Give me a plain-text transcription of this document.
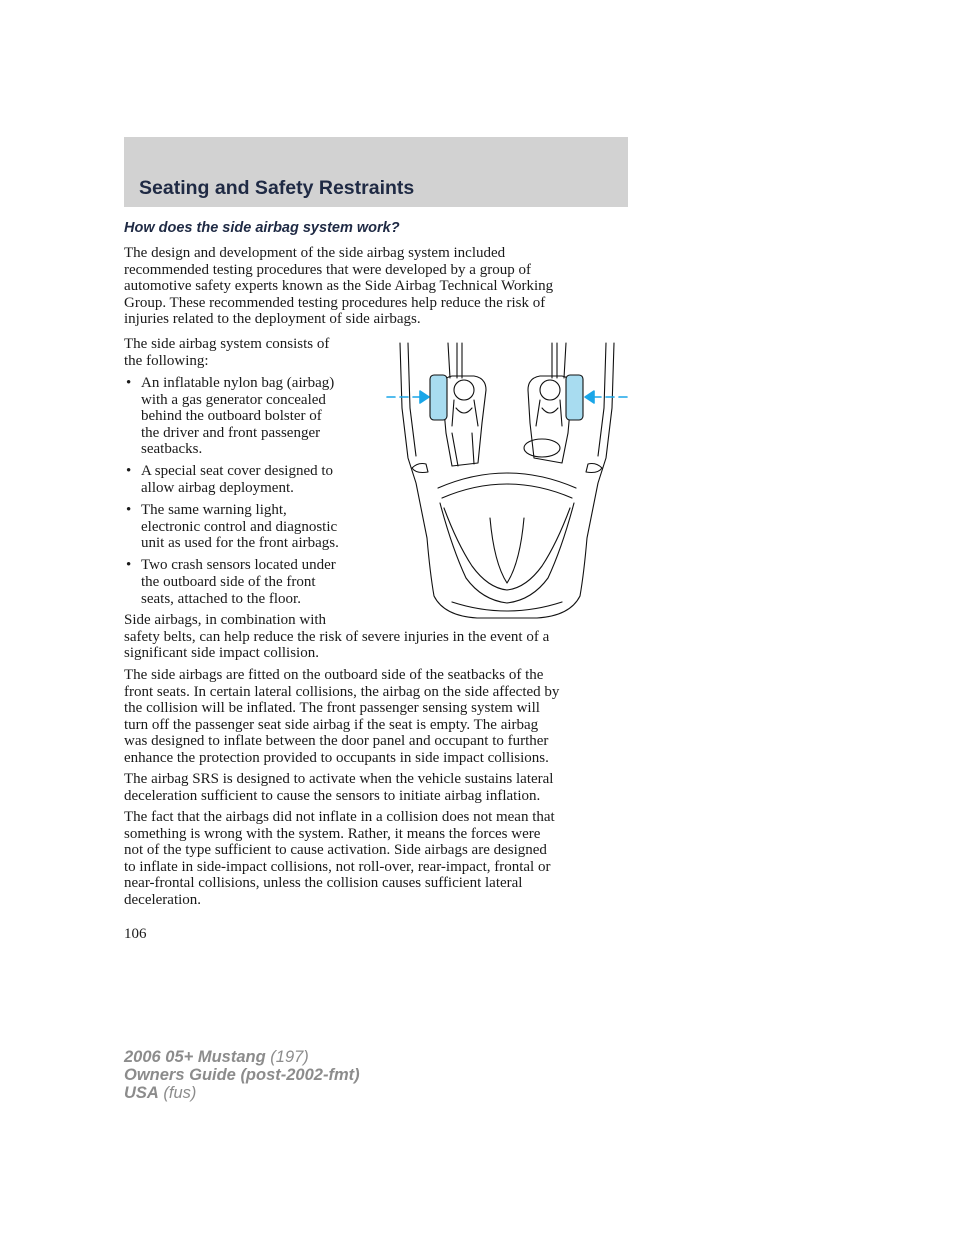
Seating and Safety Restraints
How does the side airbag system work?

The design and development of the side airbag system included
recommended testing procedures that were developed by a group of
automotive safety experts known as the Side Airbag Technical Working
Group. These recommended testing procedures help reduce the risk of
injuries related to the deployment of side airbags.

The side airbag system consists of
the following:

• An inflatable nylon bag (airbag)
with a gas generator concealed
behind the outboard bolster of
the driver and front passenger
seatbacks.
• A special seat cover designed to
allow airbag deployment.
• The same warning light,
electronic control and diagnostic
unit as used for the front airbags.
• Two crash sensors located under
the outboard side of the front
seats, attached to the floor.

Side airbags, in combination with
safety belts, can help reduce the risk of severe injuries in the event of a
significant side impact collision.

The side airbags are fitted on the outboard side of the seatbacks of the
front seats. In certain lateral collisions, the airbag on the side affected by
the collision will be inflated. The front passenger sensing system will
turn off the passenger seat side airbag if the seat is empty. The airbag
was designed to inflate between the door panel and occupant to further
enhance the protection provided to occupants in side impact collisions.

The airbag SRS is designed to activate when the vehicle sustains lateral
deceleration sufficient to cause the sensors to initiate airbag inflation.

The fact that the airbags did not inflate in a collision does not mean that
something is wrong with the system. Rather, it means the forces were
not of the type sufficient to cause activation. Side airbags are designed
to inflate in side-impact collisions, not roll-over, rear-impact, frontal or
near-frontal collisions, unless the collision causes sufficient lateral
deceleration.

106

2006 05+ Mustang (197)
Owners Guide (post-2002-fmt)
USA (fus)
